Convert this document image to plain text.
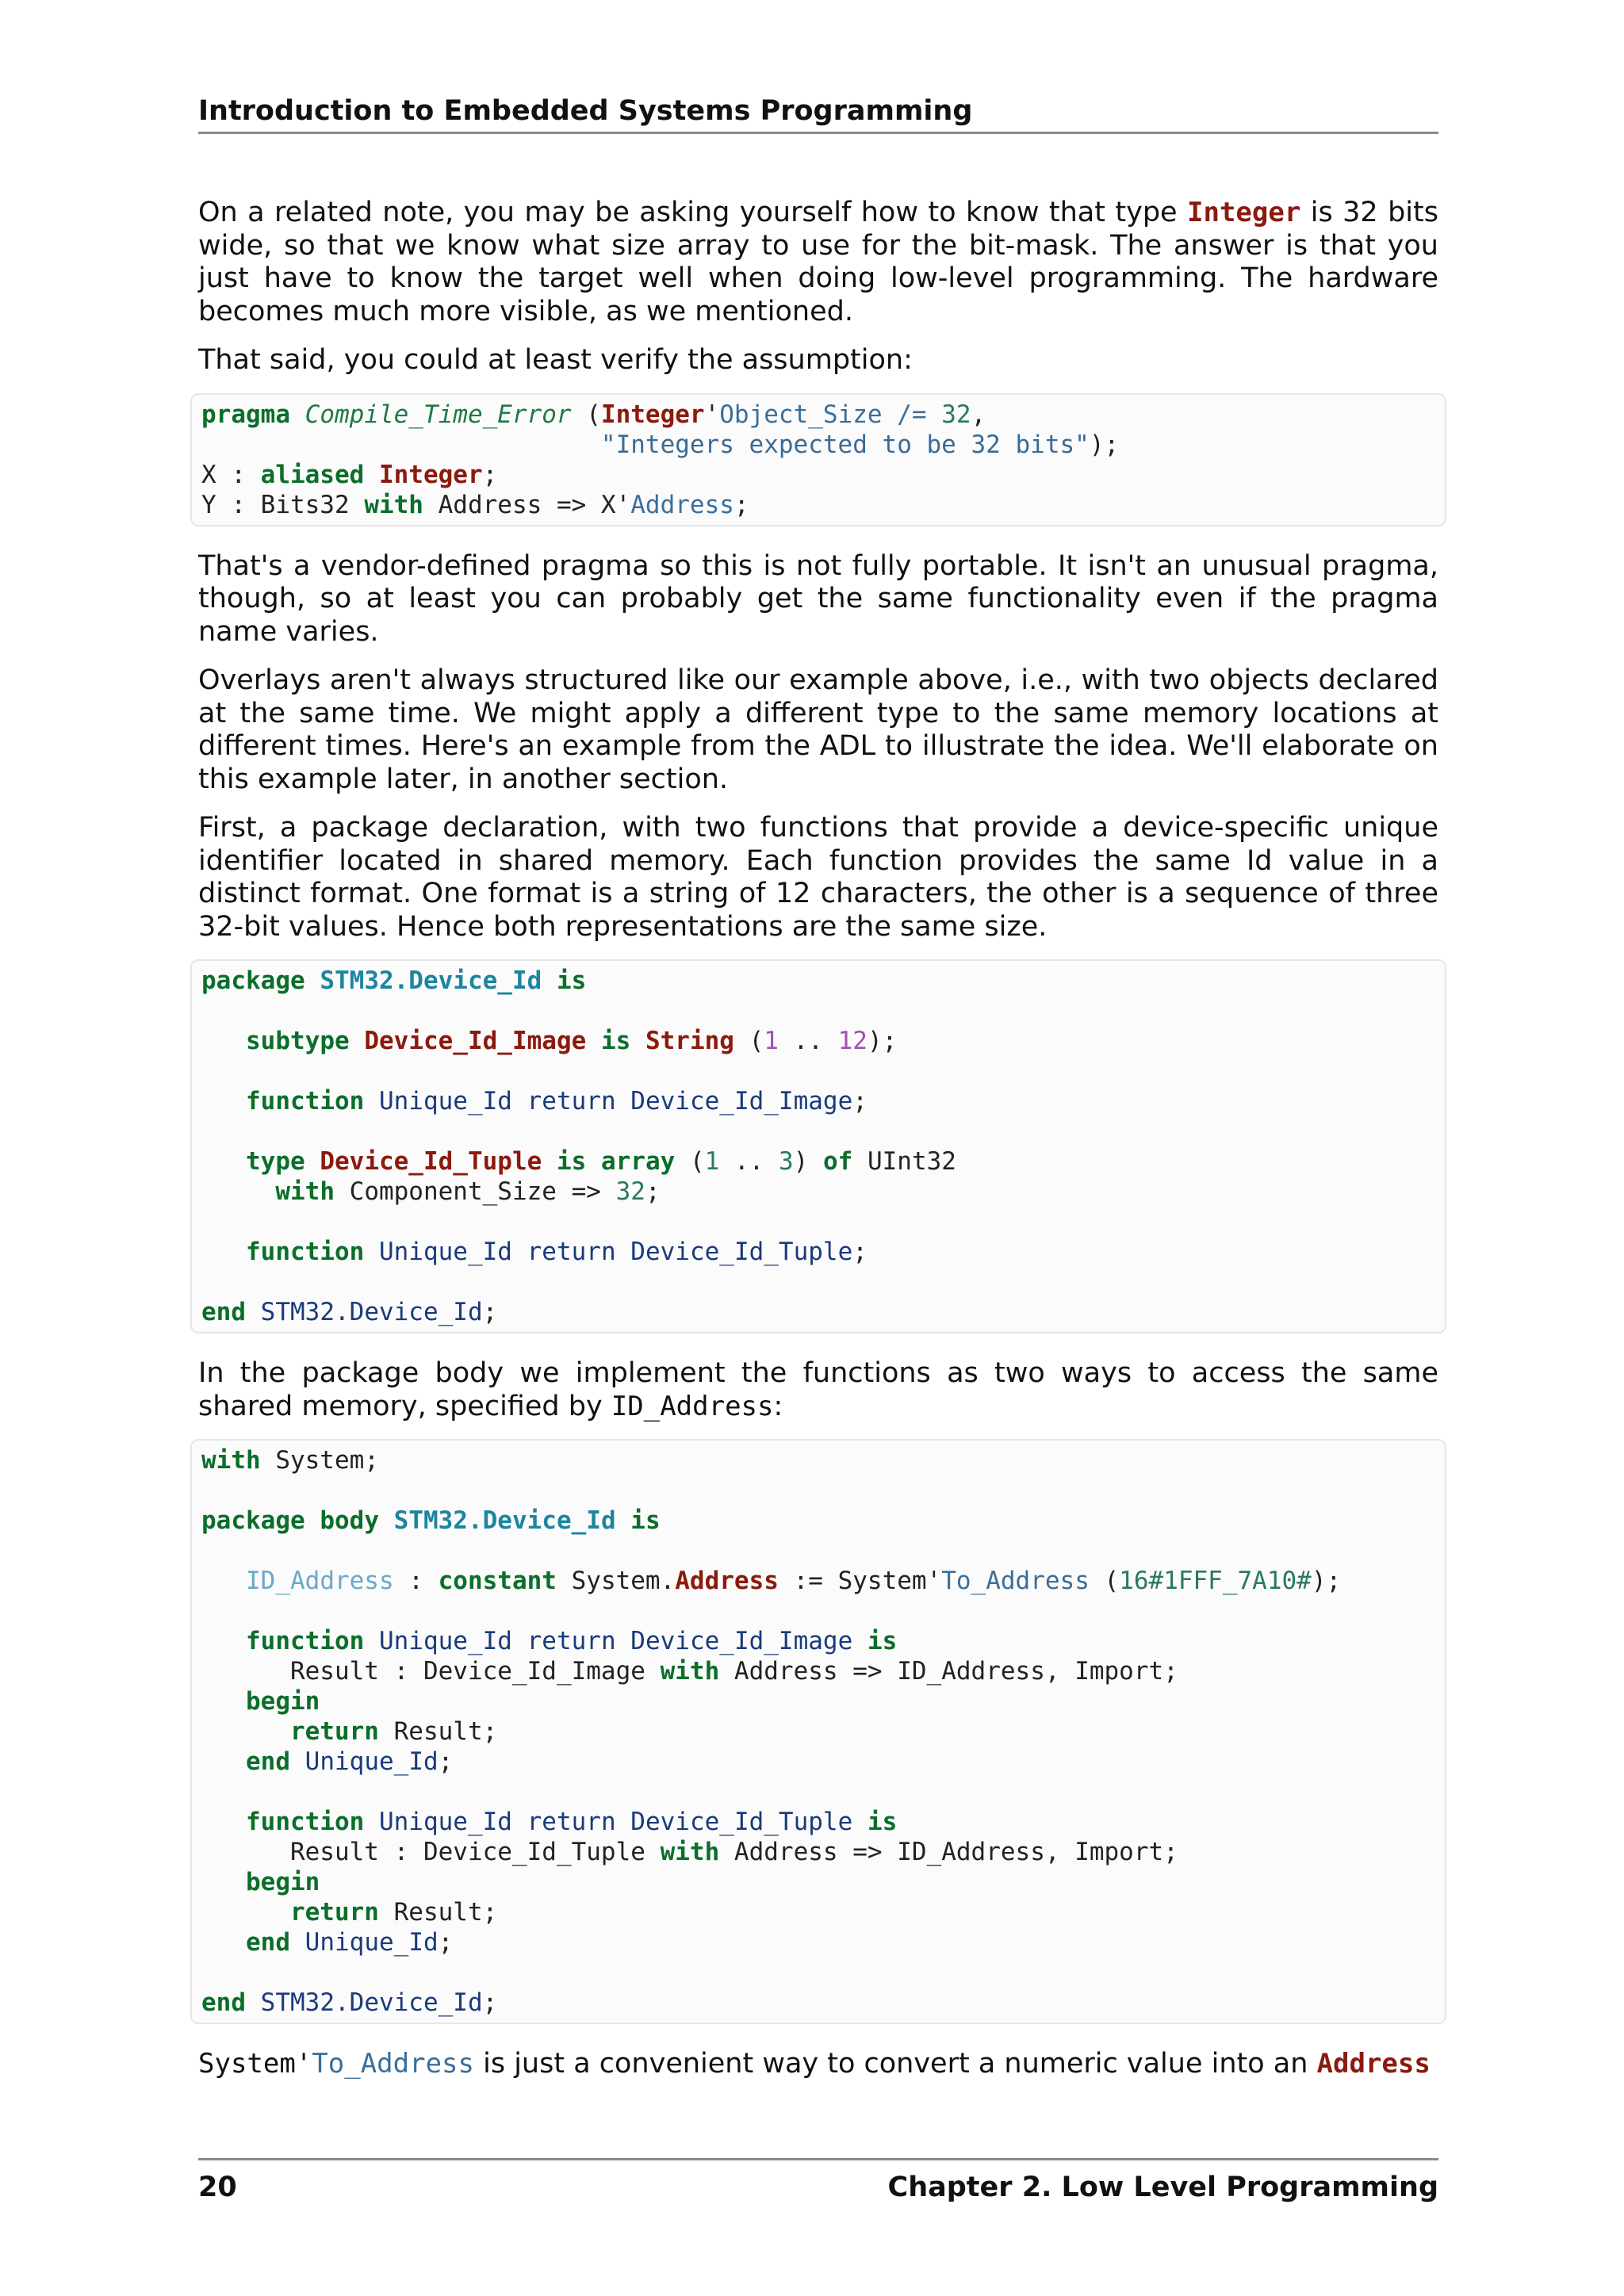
Introduction to Embedded Systems Programming

On a related note, you may be asking yourself how to know that type Integer is 32 bits wide, so that we know what size array to use for the bit-mask. The answer is that you just have to know the target well when doing low-level programming. The hardware becomes much more visible, as we mentioned.

That said, you could at least verify the assumption:

pragma Compile_Time_Error (Integer'Object_Size /= 32,
"Integers expected to be 32 bits");
X : aliased Integer;
Y : Bits32 with Address => X'Address;

That's a vendor-defined pragma so this is not fully portable. It isn't an unusual pragma, though, so at least you can probably get the same functionality even if the pragma name varies.

Overlays aren't always structured like our example above, i.e., with two objects declared at the same time. We might apply a different type to the same memory locations at different times. Here's an example from the ADL to illustrate the idea. We'll elaborate on this example later, in another section.

First, a package declaration, with two functions that provide a device-specific unique identifier located in shared memory. Each function provides the same Id value in a distinct format. One format is a string of 12 characters, the other is a sequence of three 32-bit values. Hence both representations are the same size.

package STM32.Device_Id is
subtype Device_Id_Image is String (1 .. 12);
function Unique_Id return Device_Id_Image;
type Device_Id_Tuple is array (1 .. 3) of UInt32
with Component_Size => 32;
function Unique_Id return Device_Id_Tuple;
end STM32.Device_Id;

In the package body we implement the functions as two ways to access the same shared memory, specified by ID_Address:

with System;
package body STM32.Device_Id is
ID_Address : constant System.Address := System'To_Address (16#1FFF_7A10#);
function Unique_Id return Device_Id_Image is
Result : Device_Id_Image with Address => ID_Address, Import;
begin
return Result;
end Unique_Id;
function Unique_Id return Device_Id_Tuple is
Result : Device_Id_Tuple with Address => ID_Address, Import;
begin
return Result;
end Unique_Id;
end STM32.Device_Id;

System'To_Address is just a convenient way to convert a numeric value into an Address

20	Chapter 2. Low Level Programming
